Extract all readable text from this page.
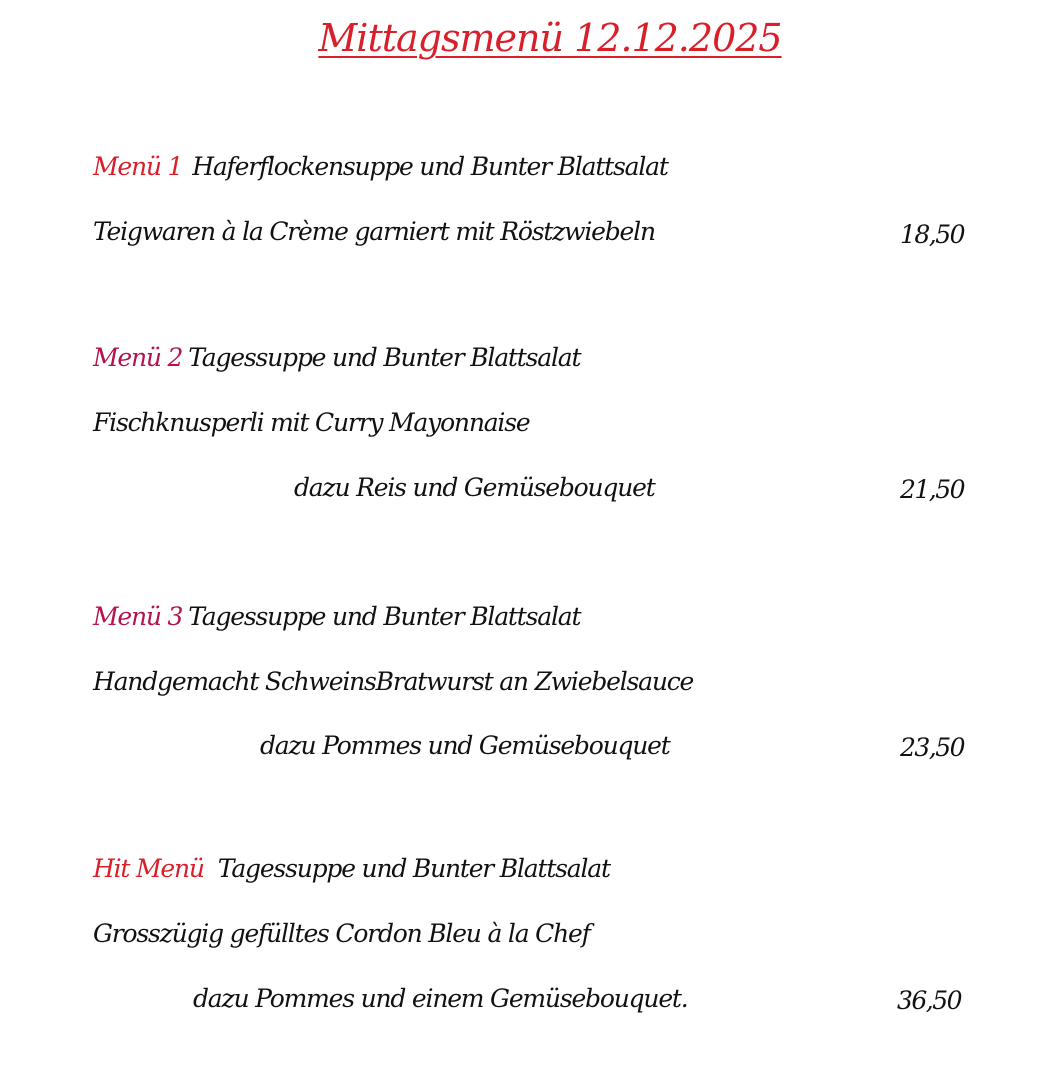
Mittagsmenü 12.12.2025
Menü 1 Haferflockensuppe und Bunter Blattsalat
Teigwaren à la Crème garniert mit Röstzwiebeln	18,50
Menü 2 Tagessuppe und Bunter Blattsalat
Fischknusperli mit Curry Mayonnaise
dazu Reis und Gemüsebouquet	21,50
Menü 3 Tagessuppe und Bunter Blattsalat
Handgemacht SchweinsBratwurst an Zwiebelsauce
dazu Pommes und Gemüsebouquet	23,50
Hit Menü Tagessuppe und Bunter Blattsalat
Grosszügig gefülltes Cordon Bleu à la Chef
dazu Pommes und einem Gemüsebouquet.	36,50
